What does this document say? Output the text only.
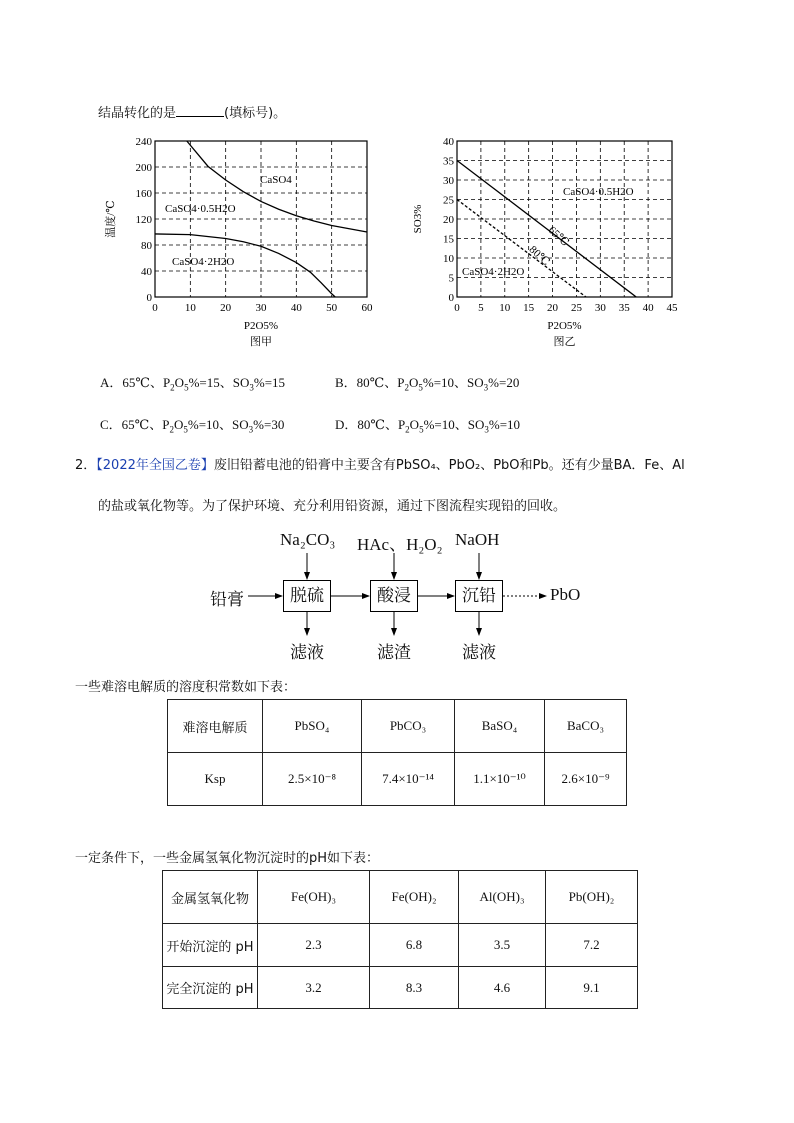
结晶转化的是	(填标号)。
0 10 20 30 40 50 60
0
40
80
120
160
200
240
CaSO4
CaSO4·0.5H2O
CaSO4·2H2O
P2O5%
图甲
温度/℃
0 5 10 15 20 25 30 35 40 45
0
5
10
15
20
25
30
35
40
65℃
80℃
CaSO4·0.5H2O
CaSO4·2H2O
P2O5%
图乙
SO3%
A．65℃、$P_2O_5\%=15$、$SO_3\%=15$	B．80℃、$P_2O_5\%=10$、$SO_3\%=20$
C．65℃、$P_2O_5\%=10$、$SO_3\%=30$	D．80℃、$P_2O_5\%=10$、$SO_3\%=10$
2．【2022年全国乙卷】废旧铅蓄电池的铅膏中主要含有PbSO₄、PbO₂、PbO和Pb。还有少量BA．Fe、Al
的盐或氧化物等。为了保护环境、充分利用铅资源，通过下图流程实现铅的回收。
Na₂CO₃ HAc、H₂O₂ NaOH
铅膏	脱硫	酸浸	沉铅	PbO
滤液	滤渣	滤液
一些难溶电解质的溶度积常数如下表：
难溶电解质	PbSO₄	PbCO₃	BaSO₄	BaCO₃
Ksp	2.5×10⁻⁸	7.4×10⁻¹⁴	1.1×10⁻¹⁰	2.6×10⁻⁹
一定条件下，一些金属氢氧化物沉淀时的pH如下表：
金属氢氧化物	Fe(OH)₃	Fe(OH)₂	Al(OH)₃	Pb(OH)₂
开始沉淀的 pH	2.3	6.8	3.5	7.2
完全沉淀的 pH	3.2	8.3	4.6	9.1
